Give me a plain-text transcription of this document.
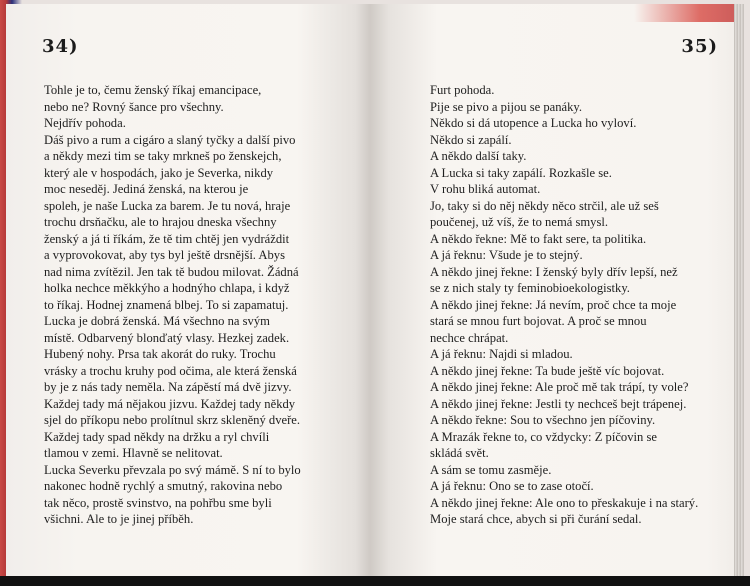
34)
Tohle je to, čemu ženský říkaj emancipace,
nebo ne? Rovný šance pro všechny.
Nejdřív pohoda.
Dáš pivo a rum a cigáro a slaný tyčky a další pivo
a někdy mezi tim se taky mrkneš po ženskejch,
který ale v hospodách, jako je Severka, nikdy
moc neseděj. Jediná ženská, na kterou je
spoleh, je naše Lucka za barem. Je tu nová, hraje
trochu drsňačku, ale to hrajou dneska všechny
ženský a já ti říkám, že tě tim chtěj jen vydráždit
a vyprovokovat, aby tys byl ještě drsnější. Abys
nad nima zvítězil. Jen tak tě budou milovat. Žádná
holka nechce měkkýho a hodnýho chlapa, i když
to říkaj. Hodnej znamená blbej. To si zapamatuj.
Lucka je dobrá ženská. Má všechno na svým
místě. Odbarvený blonďatý vlasy. Hezkej zadek.
Hubený nohy. Prsa tak akorát do ruky. Trochu
vrásky a trochu kruhy pod očima, ale která ženská
by je z nás tady neměla. Na zápěstí má dvě jizvy.
Každej tady má nějakou jizvu. Každej tady někdy
sjel do příkopu nebo prolítnul skrz skleněný dveře.
Každej tady spad někdy na držku a ryl chvíli
tlamou v zemi. Hlavně se nelitovat.
Lucka Severku převzala po svý mámě. S ní to bylo
nakonec hodně rychlý a smutný, rakovina nebo
tak něco, prostě svinstvo, na pohřbu sme byli
všichni. Ale to je jinej příběh.
35)
Furt pohoda.
Pije se pivo a pijou se panáky.
Někdo si dá utopence a Lucka ho vyloví.
Někdo si zapálí.
A někdo další taky.
A Lucka si taky zapálí. Rozkašle se.
V rohu bliká automat.
Jo, taky si do něj někdy něco strčil, ale už seš
poučenej, už víš, že to nemá smysl.
A někdo řekne: Mě to fakt sere, ta politika.
A já řeknu: Všude je to stejný.
A někdo jinej řekne: I ženský byly dřív lepší, než
se z nich staly ty feminobioekologistky.
A někdo jinej řekne: Já nevím, proč chce ta moje
stará se mnou furt bojovat. A proč se mnou
nechce chrápat.
A já řeknu: Najdi si mladou.
A někdo jinej řekne: Ta bude ještě víc bojovat.
A někdo jinej řekne: Ale proč mě tak trápí, ty vole?
A někdo jinej řekne: Jestli ty nechceš bejt trápenej.
A někdo řekne: Sou to všechno jen píčoviny.
A Mrazák řekne to, co vždycky: Z píčovin se
skládá svět.
A sám se tomu zasměje.
A já řeknu: Ono se to zase otočí.
A někdo jinej řekne: Ale ono to přeskakuje i na starý.
Moje stará chce, abych si při čurání sedal.
